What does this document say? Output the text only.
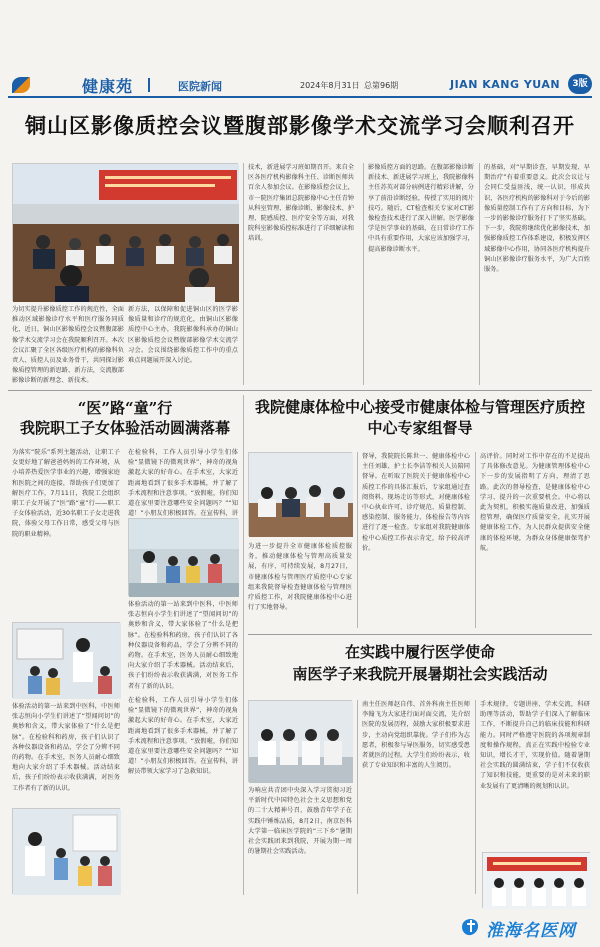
健康苑	医院新闻	2024年8月31日 总第96期	JIAN KANG YUAN	3版
铜山区影像质控会议暨腹部影像学术交流学习会顺利召开
为切实提升影像质控工作的规范性，全面推动区域影像诊疗水平和医疗服务同质化，近日，铜山区影像质控会议暨腹部影像学术交流学习会在我院顺利召开。本次会议汇聚了全区各级医疗机构的影像科负责人、质控人员及业务骨干，共同探讨影像质控管理的新思路、新方法，交流腹部影像诊断的新理念、新技术。
新方法，以保障和促进铜山区的医学影像质量和诊疗的规范化，由铜山区影像质控中心主办，我院影像科承办的铜山区影像质控会议暨腹部影像学术交流学习会。会议围绕影像质控工作中的重点难点问题展开深入讨论。
技术，新进展学习班如期召开。来自全区各医疗机构影像科主任、诊断医师共百余人参加会议。在影像质控会议上，市一院医疗集团总院影像中心主任青钟从科室管理、影像诊断、影像技术、护理、院感质控、医疗安全等方面，对我院科室影像质控标准进行了详细解读和培训。
影像质控方面的思路。在腹部影像诊断新技术、新进展学习班上，我院影像科主任苏英对部分病例进行精彩讲解，分享了前沿诊断经验，传授了实用的阅片技巧。随后，CT检查相关专家对CT影像检查技术进行了深入讲解。医学影像学是医学事业的基础，在日常诊疗工作中具有重要作用，大家应该加强学习，提高影像诊断水平。
的基础，对“早期诊查、早期发现、早期治疗”有着重要意义。此次会议让与会同仁受益匪浅，统一认识，形成共识，各医疗机构的影像科对于今后的影像质量控制工作有了方向和目标，为下一步的影像诊疗服务打下了坚实基础。下一步，我院将继续优化影像技术，加强影像质控工作体系建设，积极发挥区域影像中心作用，协同各医疗机构提升铜山区影像诊疗服务水平，为广大百姓服务。
“医”路“童”行
我院职工子女体验活动圆满落幕
为落实“院乐”系列主题活动，让职工子女更好地了解爸爸妈妈的工作环境，从小培养热爱医学事业的兴趣，增强家庭和医院之间的连接，帮助孩子们更加了解医疗工作，7月11日，我院工会组织职工子女开展了“医”路“童”行——职工子女体验活动，近30名职工子女走进我院，体验父母工作日常，感受父母与医院的职业精神。
在检验科，工作人员引导小学生们体验“显微镜下的微观世界”，神奇的视角激起大家的好奇心。在手术室，大家近距离地看到了很多手术器械，并了解了手术流程和注意事项。“放假啦，你们知道在家里要注意哪些安全问题吗？”“知道！”小朋友们积极回答。在宣传科，讲
体验活动的第一站来到中医科，中医师张志恒向小学生们讲述了“望闻问切”的奥妙和含义，带大家体验了“什么是把脉”。在检验科和药房，孩子们认识了各种仪器设备和药品，学会了分辨不同的药物。在手术室，医务人员耐心细致地向大家介绍了手术器械。活动结束后，孩子们纷纷表示收获满满，对医务工作者有了新的认识。
体验活动的第一站来到中医科，中医师张志恒向小学生们讲述了“望闻问切”的奥妙和含义，带大家体验了“什么是把脉”。在检验科和药房，孩子们认识了各种仪器设备和药品，学会了分辨不同的药物。在手术室，医务人员耐心细致地向大家介绍了手术器械。活动结束后，孩子们纷纷表示收获满满，对医务工作者有了新的认识。
在检验科，工作人员引导小学生们体验“显微镜下的微观世界”，神奇的视角激起大家的好奇心。在手术室，大家近距离地看到了很多手术器械，并了解了手术流程和注意事项。“放假啦，你们知道在家里要注意哪些安全问题吗？”“知道！”小朋友们积极回答。在宣传科，讲解员带领大家学习了急救知识。
我院健康体检中心接受市健康体检与管理医疗质控中心专家组督导
为进一步提升全市健康体检质控服务，推动健康体检与管理高质量发展，有序、可持续发展，8月27日，市健康体检与管理医疗质控中心专家组来我院督导检查健康体检与管理医疗质控工作，对我院健康体检中心进行了实地督导。
督导，我院院长陈世一、健康体检中心主任刘雄、护士长李洁等相关人员陪同督导。在听取了医院关于健康体检中心质控工作的具体汇报后，专家组通过查阅资料、现场走访等形式，对健康体检中心执业许可、诊疗规范、质量控制、感染控制、服务能力、体检报告等内容进行了逐一检查。专家组对我院健康体检中心质控工作表示肯定，给予较高评价。
高评价。同时对工作中存在的不足提出了具体修改意见。为健康管理体检中心下一步的发展指明了方向，理清了思路。此次的督导检查，是健康体检中心学习、提升的一次重要机会。中心将以此为契机，积极实施质量改进，加强质控管理，确保医疗质量安全，扎实开展健康体检工作，为人民群众提供安全健康的体检环境，为群众身体健康保驾护航。
在实践中履行医学使命
南医学子来我院开展暑期社会实践活动
为响应共青团中央深入学习贯彻习近平新时代中国特色社会主义思想和党的二十大精神号召，鼓励青年学子在实践中锤炼品质，8月2日，南京医科大学第一临床医学院的“三下乡”暑期社会实践团来到我院，开展为期一周的暑期社会实践活动。
南主任医师赵自伟、首外科南主任医师李翰飞为大家进行面对面交流，先介绍医院的发展历程，鼓励大家积极要求进步，主动向党组织靠拢。学子们作为志愿者，积极参与导医服务，切实感受患者就医的过程。大学生们纷纷表示，收获了专业知识和丰富的人生阅历。
手术规律，专题讲座、学术交流，科研助理等活动，帮助学子们深入了解临床工作，不断提升自己的临床技能和科研能力。同时严格遵守医院的各项规章制度和操作规程，真正在实践中检验专业知识，增长才干，实现价值。随着暑期社会实践的圆满结束，学子们不仅收获了知识和技能，更重要的是对未来的职业发展有了更清晰的规划和认识。
淮海名医网
